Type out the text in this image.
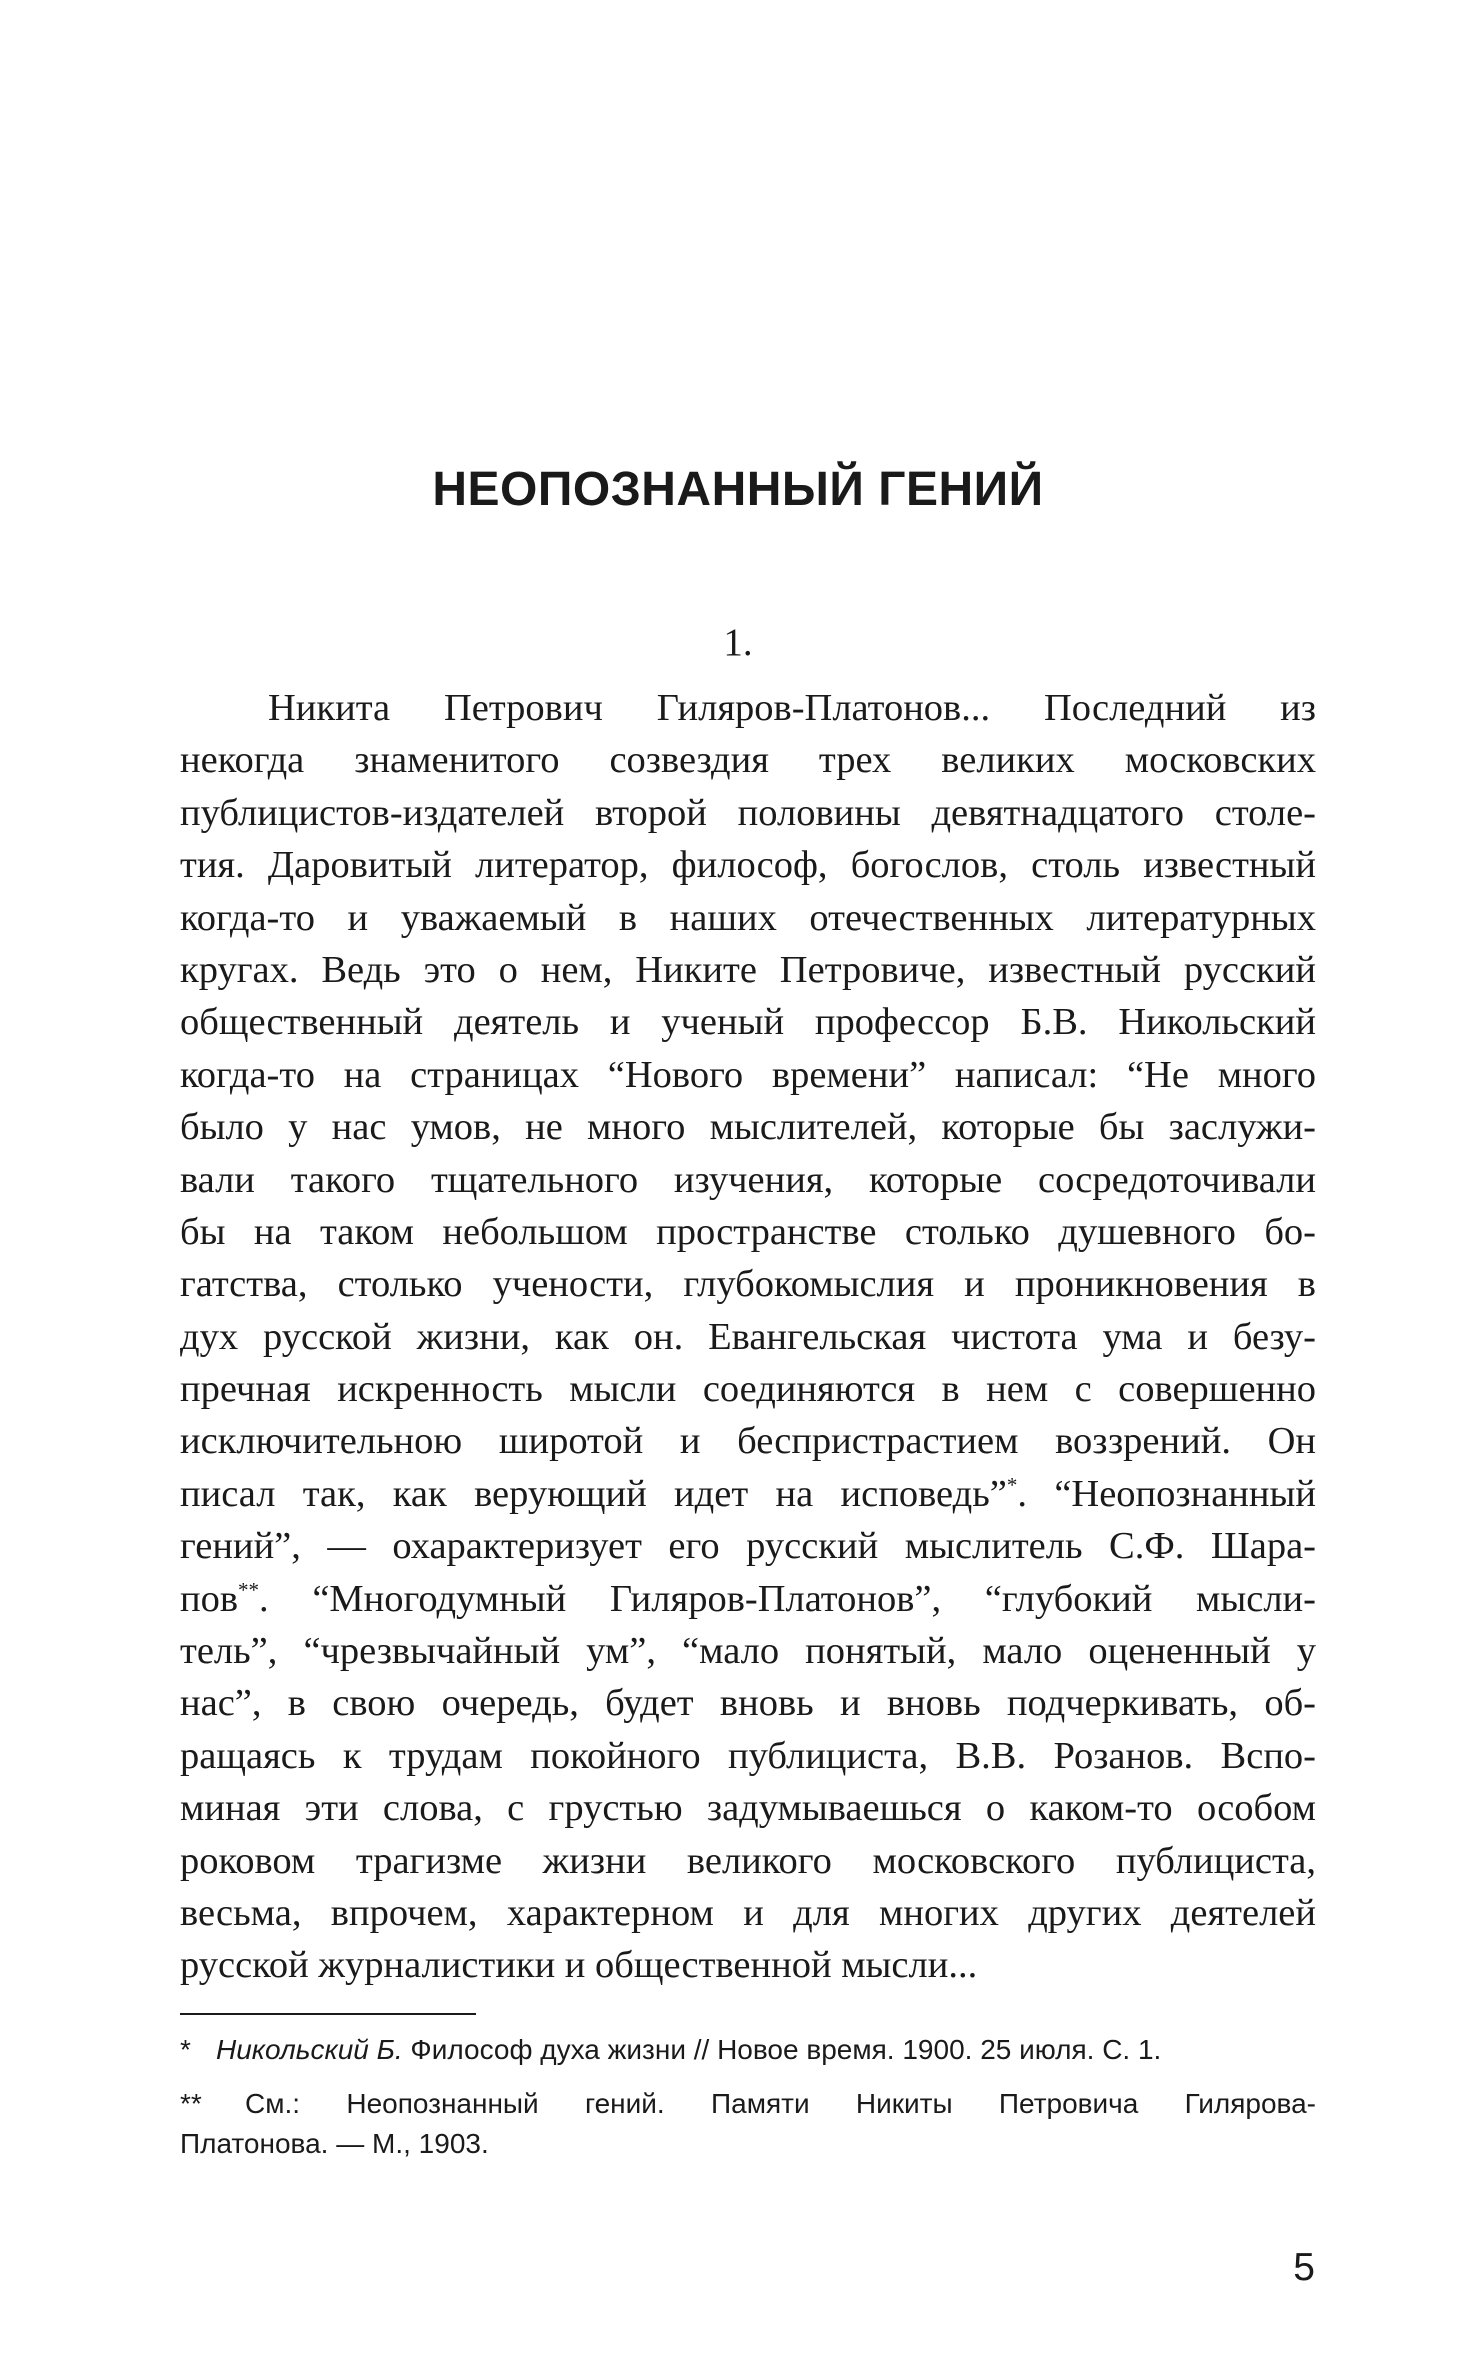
НЕОПОЗНАННЫЙ ГЕНИЙ
1.
Никита Петрович Гиляров-Платонов... Последний из
некогда знаменитого созвездия трех великих московских
публицистов-издателей второй половины девятнадцатого столе-
тия. Даровитый литератор, философ, богослов, столь известный
когда-то и уважаемый в наших отечественных литературных
кругах. Ведь это о нем, Никите Петровиче, известный русский
общественный деятель и ученый профессор Б.В. Никольский
когда-то на страницах “Нового времени” написал: “Не много
было у нас умов, не много мыслителей, которые бы заслужи-
вали такого тщательного изучения, которые сосредоточивали
бы на таком небольшом пространстве столько душевного бо-
гатства, столько учености, глубокомыслия и проникновения в
дух русской жизни, как он. Евангельская чистота ума и безу-
пречная искренность мысли соединяются в нем с совершенно
исключительною широтой и беспристрастием воззрений. Он
писал так, как верующий идет на исповедь”*. “Неопознанный
гений”, — охарактеризует его русский мыслитель С.Ф. Шара-
пов**. “Многодумный Гиляров-Платонов”, “глубокий мысли-
тель”, “чрезвычайный ум”, “мало понятый, мало оцененный у
нас”, в свою очередь, будет вновь и вновь подчеркивать, об-
ращаясь к трудам покойного публициста, В.В. Розанов. Вспо-
миная эти слова, с грустью задумываешься о каком-то особом
роковом трагизме жизни великого московского публициста,
весьма, впрочем, характерном и для многих других деятелей
русской журналистики и общественной мысли...

* Никольский Б. Философ духа жизни // Новое время. 1900. 25 июля. С. 1.

** См.: Неопознанный гений. Памяти Никиты Петровича Гилярова-
Платонова. — М., 1903.

5
